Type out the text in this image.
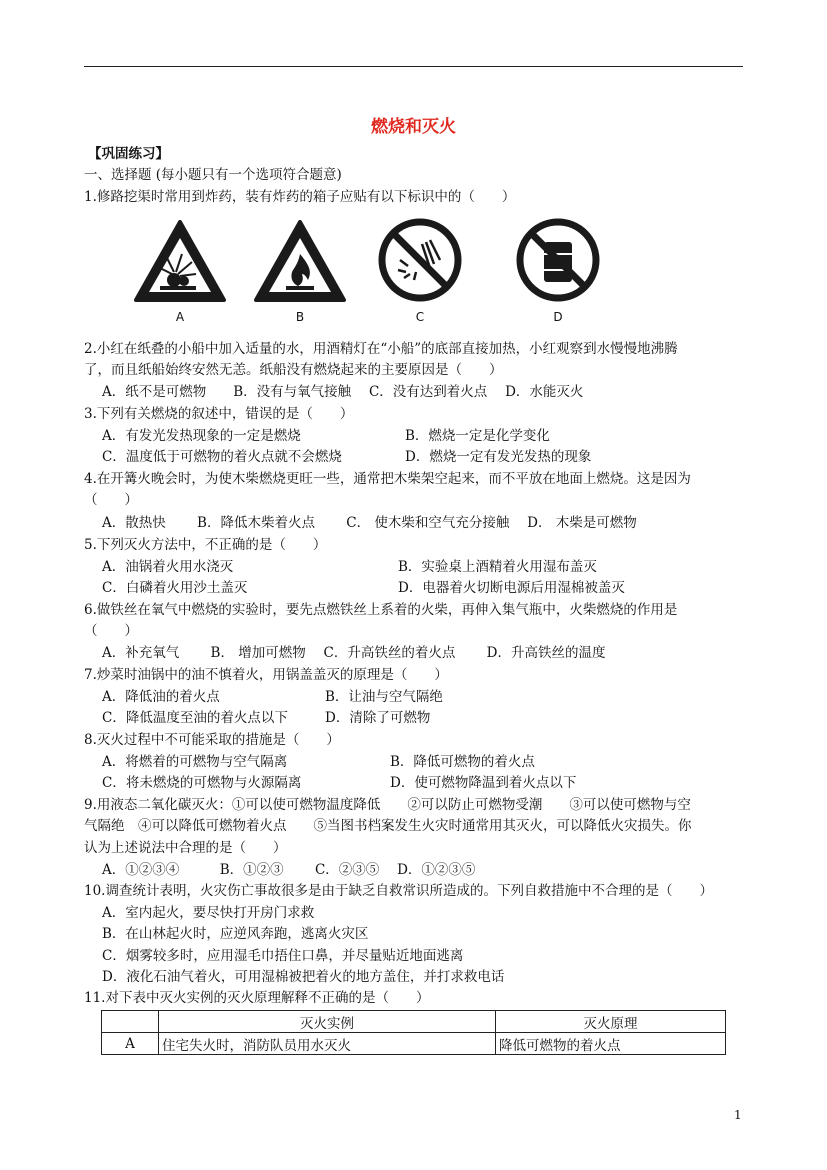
燃烧和灭火
【巩固练习】
一、选择题 (每小题只有一个选项符合题意)
1.修路挖渠时常用到炸药，装有炸药的箱子应贴有以下标识中的（　　）
A	B	C	D
2.小红在纸叠的小船中加入适量的水，用酒精灯在“小船”的底部直接加热，小红观察到水慢慢地沸腾
了，而且纸船始终安然无恙。纸船没有燃烧起来的主要原因是（　　）
A．纸不是可燃物　　B．没有与氧气接触　 C．没有达到着火点　 D．水能灭火
3.下列有关燃烧的叙述中，错误的是（　　）
A．有发光发热现象的一定是燃烧	B．燃烧一定是化学变化
C．温度低于可燃物的着火点就不会燃烧	D．燃烧一定有发光发热的现象
4.在开篝火晚会时，为使木柴燃烧更旺一些，通常把木柴架空起来，而不平放在地面上燃烧。这是因为
（　　）
A．散热快　　 B．降低木柴着火点　　 C． 使木柴和空气充分接触　 D． 木柴是可燃物
5.下列灭火方法中，不正确的是（　　）
A．油锅着火用水浇灭	B．实验桌上酒精着火用湿布盖灭
C．白磷着火用沙土盖灭	D．电器着火切断电源后用湿棉被盖灭
6.做铁丝在氧气中燃烧的实验时，要先点燃铁丝上系着的火柴，再伸入集气瓶中，火柴燃烧的作用是
（　　）
A．补充氧气　　 B． 增加可燃物　 C．升高铁丝的着火点　　 D．升高铁丝的温度
7.炒菜时油锅中的油不慎着火，用锅盖盖灭的原理是（　　）
A．降低油的着火点	B．让油与空气隔绝
C．降低温度至油的着火点以下	D．清除了可燃物
8.灭火过程中不可能采取的措施是（　　）
A．将燃着的可燃物与空气隔离	B．降低可燃物的着火点
C．将未燃烧的可燃物与火源隔离	D．使可燃物降温到着火点以下
9.用液态二氧化碳灭火：①可以使可燃物温度降低　　②可以防止可燃物受潮　　③可以使可燃物与空
气隔绝　④可以降低可燃物着火点　　⑤当图书档案发生火灾时通常用其灭火，可以降低火灾损失。你
认为上述说法中合理的是（　　）
A．①②③④　　　B．①②③　　 C．②③⑤　 D．①②③⑤
10.调查统计表明，火灾伤亡事故很多是由于缺乏自救常识所造成的。下列自救措施中不合理的是（　　）
A．室内起火，要尽快打开房门求救
B．在山林起火时，应逆风奔跑，逃离火灾区
C．烟雾较多时，应用湿毛巾捂住口鼻，并尽量贴近地面逃离
D．液化石油气着火，可用湿棉被把着火的地方盖住，并打求救电话
11.对下表中灭火实例的灭火原理解释不正确的是（　　）
	灭火实例	灭火原理
A	住宅失火时，消防队员用水灭火	降低可燃物的着火点
1
